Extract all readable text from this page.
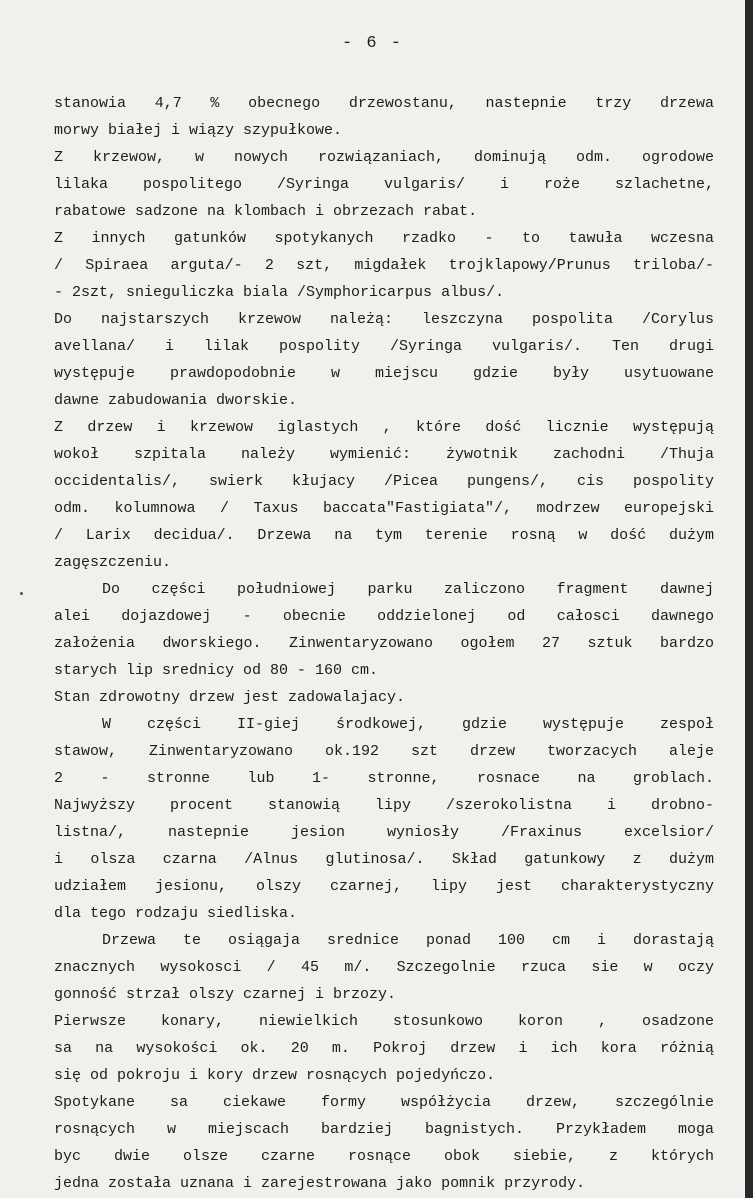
- 6 -
stanowia 4,7 % obecnego drzewostanu, nastepnie trzy drzewa
morwy białej i wiązy szypułkowe.
Z krzewow, w nowych rozwiązaniach, dominują odm. ogrodowe
lilaka pospolitego /Syringa vulgaris/ i roże szlachetne,
rabatowe sadzone na klombach i obrzezach rabat.
Z innych gatunków spotykanych rzadko - to tawuła wczesna
/ Spiraea arguta/- 2 szt, migdałek trojklapowy/Prunus triloba/-
- 2szt, snieguliczka biala /Symphoricarpus albus/.
Do najstarszych krzewow należą: leszczyna pospolita /Corylus
avellana/ i lilak pospolity /Syringa vulgaris/. Ten drugi
występuje prawdopodobnie w miejscu gdzie były usytuowane
dawne zabudowania dworskie.
Z drzew i krzewow iglastych , które dość licznie występują
wokoł szpitala należy wymienić: żywotnik zachodni /Thuja
occidentalis/, swierk kłujacy /Picea pungens/, cis pospolity
odm. kolumnowa / Taxus baccata"Fastigiata"/, modrzew europejski
/ Larix decidua/. Drzewa na tym terenie rosną w dość dużym
zagęszczeniu.
Do części południowej parku zaliczono fragment dawnej
alei dojazdowej - obecnie oddzielonej od całosci dawnego
założenia dworskiego. Zinwentaryzowano ogołem 27 sztuk bardzo
starych lip srednicy od 80 - 160 cm.
Stan zdrowotny drzew jest zadowalajacy.
W części II-giej środkowej, gdzie występuje zespoł
stawow, Zinwentaryzowano ok.192 szt drzew tworzacych aleje
2 - stronne lub 1- stronne, rosnace na groblach.
Najwyższy procent stanowią lipy /szerokolistna i drobno-
listna/, nastepnie jesion wyniosły /Fraxinus excelsior/
i olsza czarna /Alnus glutinosa/. Skład gatunkowy z dużym
udziałem jesionu, olszy czarnej, lipy jest charakterystyczny
dla tego rodzaju siedliska.
Drzewa te osiągaja srednice ponad 100 cm i dorastają
znacznych wysokosci / 45 m/. Szczegolnie rzuca sie w oczy
gonność strzał olszy czarnej i brzozy.
Pierwsze konary, niewielkich stosunkowo koron , osadzone
sa na wysokości ok. 20 m. Pokroj drzew i ich kora różnią
się od pokroju i kory drzew rosnących pojedyńczo.
Spotykane sa ciekawe formy współżycia drzew, szczególnie
rosnących w miejscach bardziej bagnistych. Przykładem moga
byc dwie olsze czarne rosnące obok siebie, z których
jedna została uznana i zarejestrowana jako pomnik przyrody.
